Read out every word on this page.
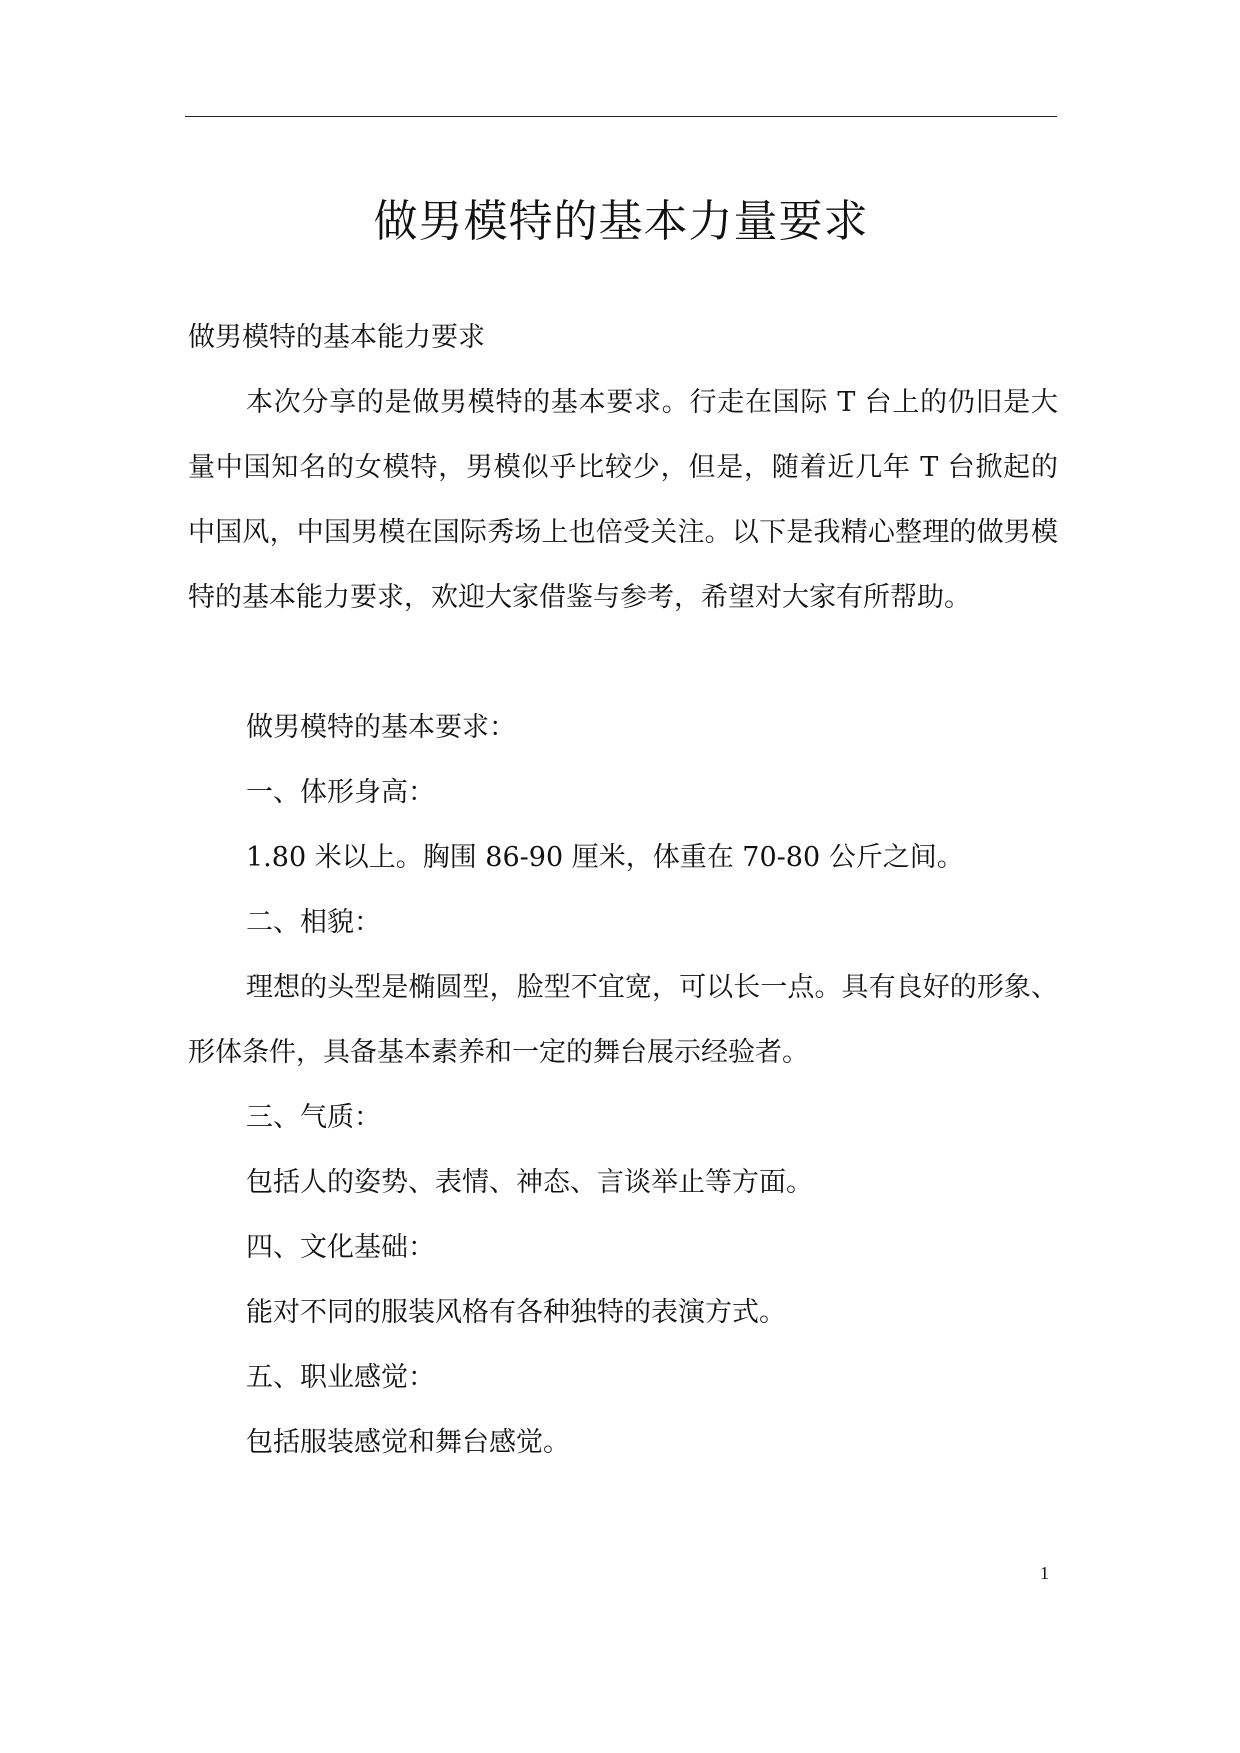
做男模特的基本力量要求

做男模特的基本能力要求

本次分享的是做男模特的基本要求。行走在国际 T 台上的仍旧是大量中国知名的女模特，男模似乎比较少，但是，随着近几年 T 台掀起的中国风，中国男模在国际秀场上也倍受关注。以下是我精心整理的做男模特的基本能力要求，欢迎大家借鉴与参考，希望对大家有所帮助。

做男模特的基本要求：

一、体形身高：

1.80 米以上。胸围 86-90 厘米，体重在 70-80 公斤之间。

二、相貌：

理想的头型是椭圆型，脸型不宜宽，可以长一点。具有良好的形象、形体条件，具备基本素养和一定的舞台展示经验者。

三、气质：

包括人的姿势、表情、神态、言谈举止等方面。

四、文化基础：

能对不同的服装风格有各种独特的表演方式。

五、职业感觉：

包括服装感觉和舞台感觉。

1
